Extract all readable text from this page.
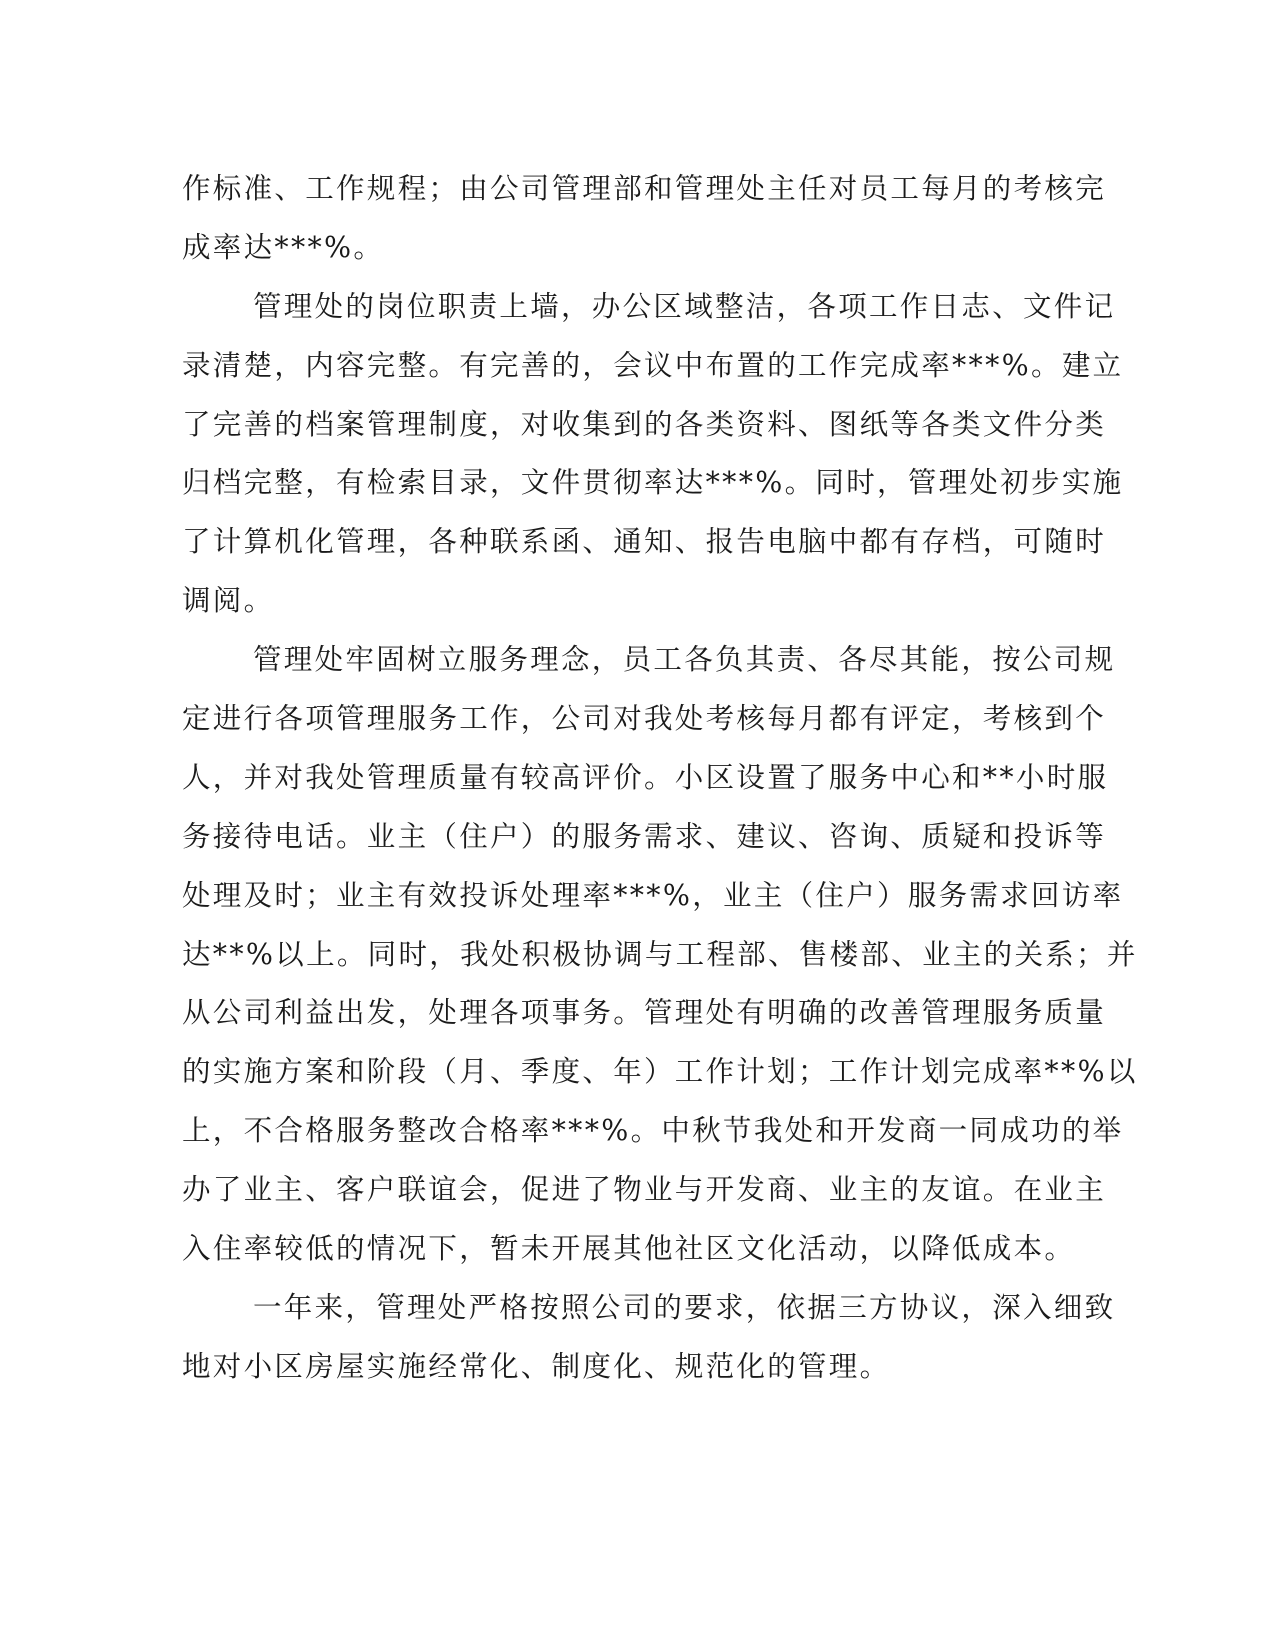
作标准、工作规程；由公司管理部和管理处主任对员工每月的考核完
成率达***%。
管理处的岗位职责上墙，办公区域整洁，各项工作日志、文件记
录清楚，内容完整。有完善的，会议中布置的工作完成率***%。建立
了完善的档案管理制度，对收集到的各类资料、图纸等各类文件分类
归档完整，有检索目录，文件贯彻率达***%。同时，管理处初步实施
了计算机化管理，各种联系函、通知、报告电脑中都有存档，可随时
调阅。
管理处牢固树立服务理念，员工各负其责、各尽其能，按公司规
定进行各项管理服务工作，公司对我处考核每月都有评定，考核到个
人，并对我处管理质量有较高评价。小区设置了服务中心和**小时服
务接待电话。业主（住户）的服务需求、建议、咨询、质疑和投诉等
处理及时；业主有效投诉处理率***%，业主（住户）服务需求回访率
达**%以上。同时，我处积极协调与工程部、售楼部、业主的关系；并
从公司利益出发，处理各项事务。管理处有明确的改善管理服务质量
的实施方案和阶段（月、季度、年）工作计划；工作计划完成率**%以
上，不合格服务整改合格率***%。中秋节我处和开发商一同成功的举
办了业主、客户联谊会，促进了物业与开发商、业主的友谊。在业主
入住率较低的情况下，暂未开展其他社区文化活动，以降低成本。
一年来，管理处严格按照公司的要求，依据三方协议，深入细致
地对小区房屋实施经常化、制度化、规范化的管理。
